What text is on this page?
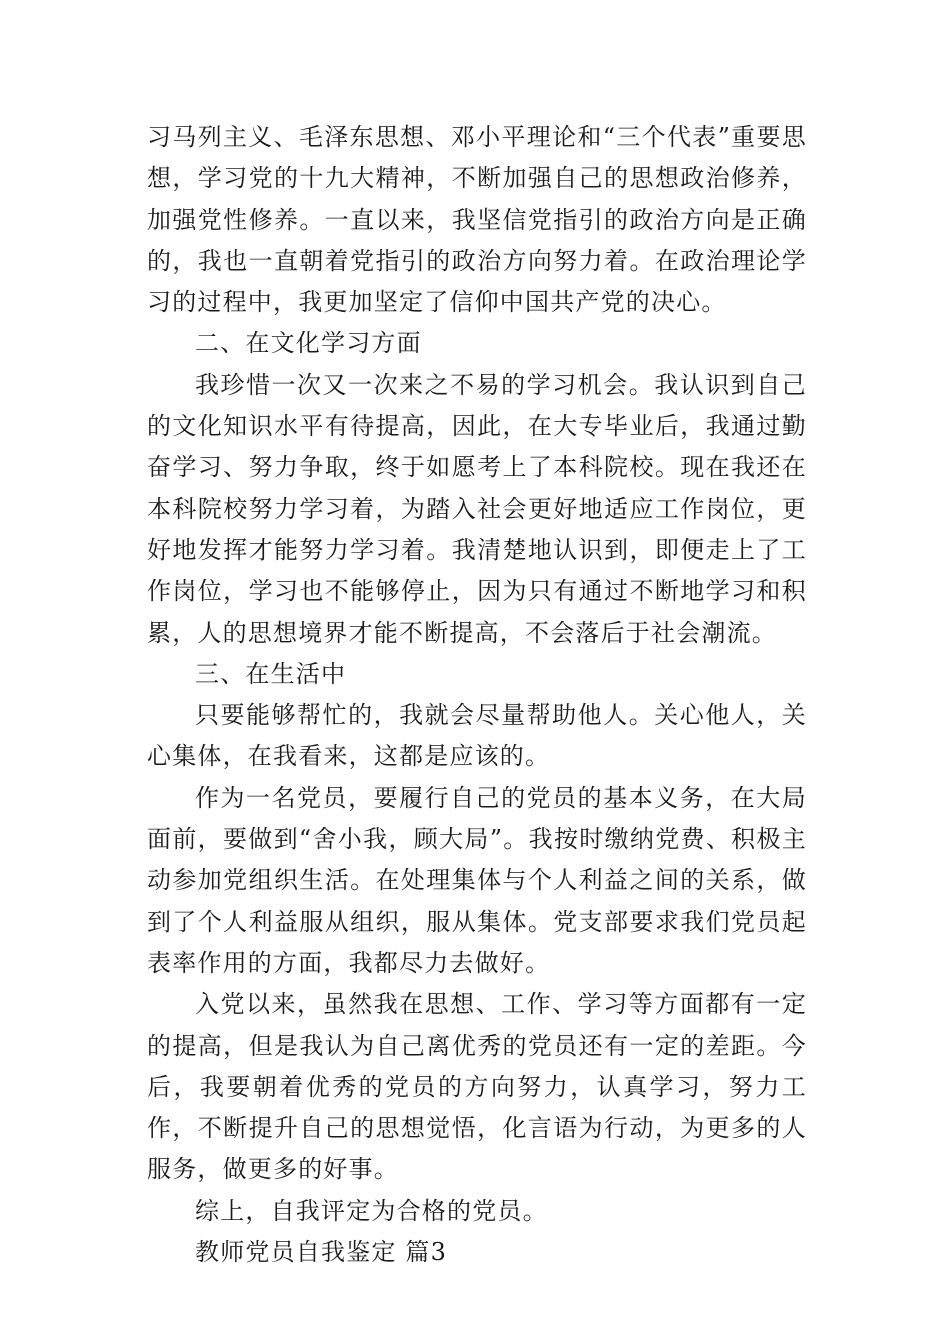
习马列主义、毛泽东思想、邓小平理论和“三个代表”重要思想，学习党的十九大精神，不断加强自己的思想政治修养，加强党性修养。一直以来，我坚信党指引的政治方向是正确的，我也一直朝着党指引的政治方向努力着。在政治理论学习的过程中，我更加坚定了信仰中国共产党的决心。

二、在文化学习方面

我珍惜一次又一次来之不易的学习机会。我认识到自己的文化知识水平有待提高，因此，在大专毕业后，我通过勤奋学习、努力争取，终于如愿考上了本科院校。现在我还在本科院校努力学习着，为踏入社会更好地适应工作岗位，更好地发挥才能努力学习着。我清楚地认识到，即便走上了工作岗位，学习也不能够停止，因为只有通过不断地学习和积累，人的思想境界才能不断提高，不会落后于社会潮流。

三、在生活中

只要能够帮忙的，我就会尽量帮助他人。关心他人，关心集体，在我看来，这都是应该的。

作为一名党员，要履行自己的党员的基本义务，在大局面前，要做到“舍小我，顾大局”。我按时缴纳党费、积极主动参加党组织生活。在处理集体与个人利益之间的关系，做到了个人利益服从组织，服从集体。党支部要求我们党员起表率作用的方面，我都尽力去做好。

入党以来，虽然我在思想、工作、学习等方面都有一定的提高，但是我认为自己离优秀的党员还有一定的差距。今后，我要朝着优秀的党员的方向努力，认真学习，努力工作，不断提升自己的思想觉悟，化言语为行动，为更多的人服务，做更多的好事。

综上，自我评定为合格的党员。

教师党员自我鉴定 篇3
